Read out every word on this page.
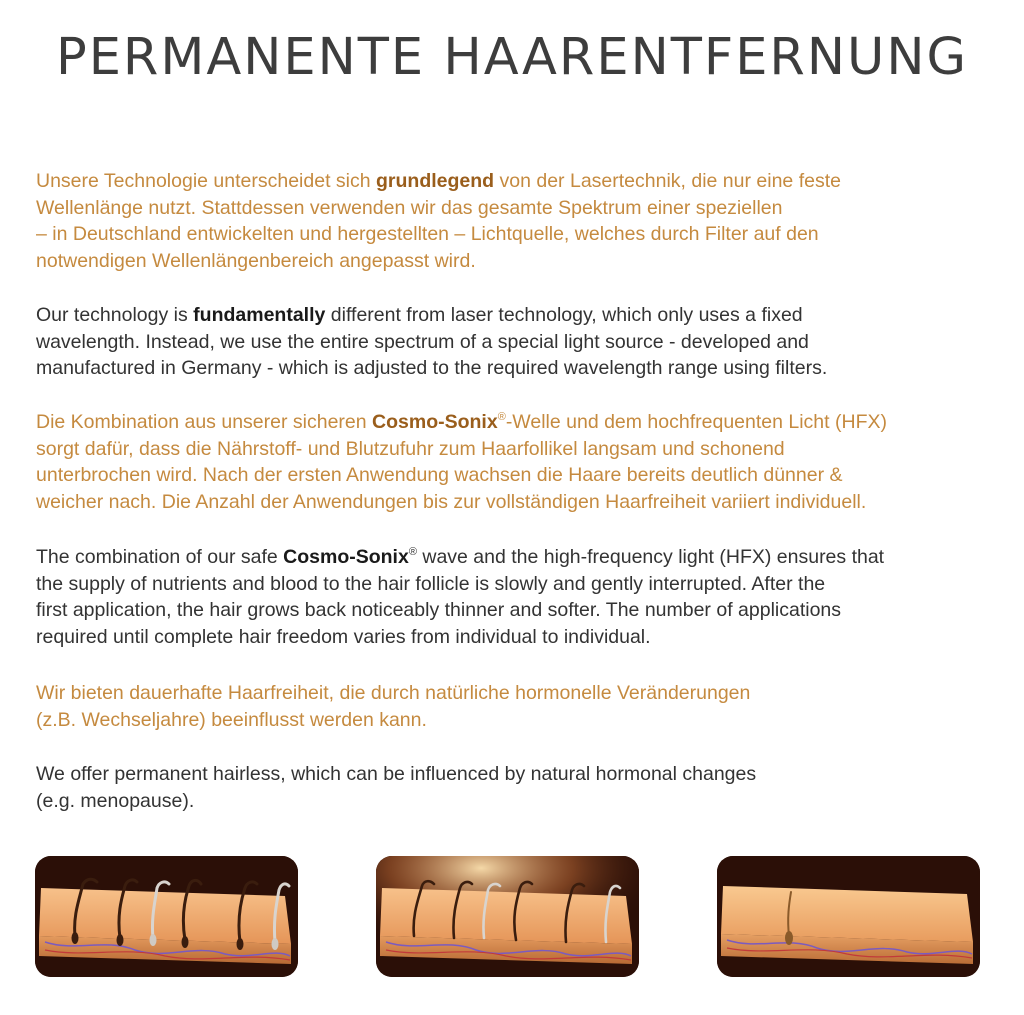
PERMANENTE HAARENTFERNUNG

Unsere Technologie unterscheidet sich grundlegend von der Lasertechnik, die nur eine feste
Wellenlänge nutzt. Stattdessen verwenden wir das gesamte Spektrum einer speziellen
– in Deutschland entwickelten und hergestellten – Lichtquelle, welches durch Filter auf den
notwendigen Wellenlängenbereich angepasst wird.

Our technology is fundamentally different from laser technology, which only uses a fixed
wavelength. Instead, we use the entire spectrum of a special light source - developed and
manufactured in Germany - which is adjusted to the required wavelength range using filters.

Die Kombination aus unserer sicheren Cosmo-Sonix®-Welle und dem hochfrequenten Licht (HFX)
sorgt dafür, dass die Nährstoff- und Blutzufuhr zum Haarfollikel langsam und schonend
unterbrochen wird. Nach der ersten Anwendung wachsen die Haare bereits deutlich dünner &
weicher nach. Die Anzahl der Anwendungen bis zur vollständigen Haarfreiheit variiert individuell.

The combination of our safe Cosmo-Sonix® wave and the high-frequency light (HFX) ensures that
the supply of nutrients and blood to the hair follicle is slowly and gently interrupted. After the
first application, the hair grows back noticeably thinner and softer. The number of applications
required until complete hair freedom varies from individual to individual.

Wir bieten dauerhafte Haarfreiheit, die durch natürliche hormonelle Veränderungen
(z.B. Wechseljahre) beeinflusst werden kann.

We offer permanent hairless, which can be influenced by natural hormonal changes
(e.g. menopause).
